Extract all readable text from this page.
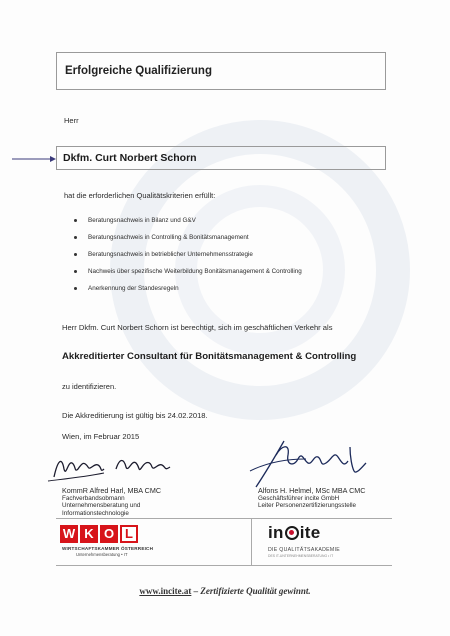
Erfolgreiche Qualifizierung
Herr
Dkfm. Curt Norbert Schorn
hat die erforderlichen Qualitätskriterien erfüllt:
Beratungsnachweis in Bilanz und G&V
Beratungsnachweis in Controlling & Bonitätsmanagement
Beratungsnachweis in betrieblicher Unternehmensstrategie
Nachweis über spezifische Weiterbildung Bonitätsmanagement & Controlling
Anerkennung der Standesregeln
Herr Dkfm. Curt Norbert Schorn ist berechtigt, sich im geschäftlichen Verkehr als
Akkreditierter Consultant für Bonitätsmanagement & Controlling
zu identifizieren.
Die Akkreditierung ist gültig bis 24.02.2018.
Wien, im Februar 2015
KommR Alfred Harl, MBA CMC
Fachverbandsobmann
Unternehmensberatung und
Informationstechnologie
Alfons H. Helmel, MSc MBA CMC
Geschäftsführer incite GmbH
Leiter Personenzertifizierungsstelle
W K O L
WIRTSCHAFTSKAMMER ÖSTERREICH
Unternehmensberatung • IT
in ite
DIE QUALITÄTSAKADEMIE
DES IT-UNTERNEHMENSBERATUNG • IT
www.incite.at – Zertifizierte Qualität gewinnt.
